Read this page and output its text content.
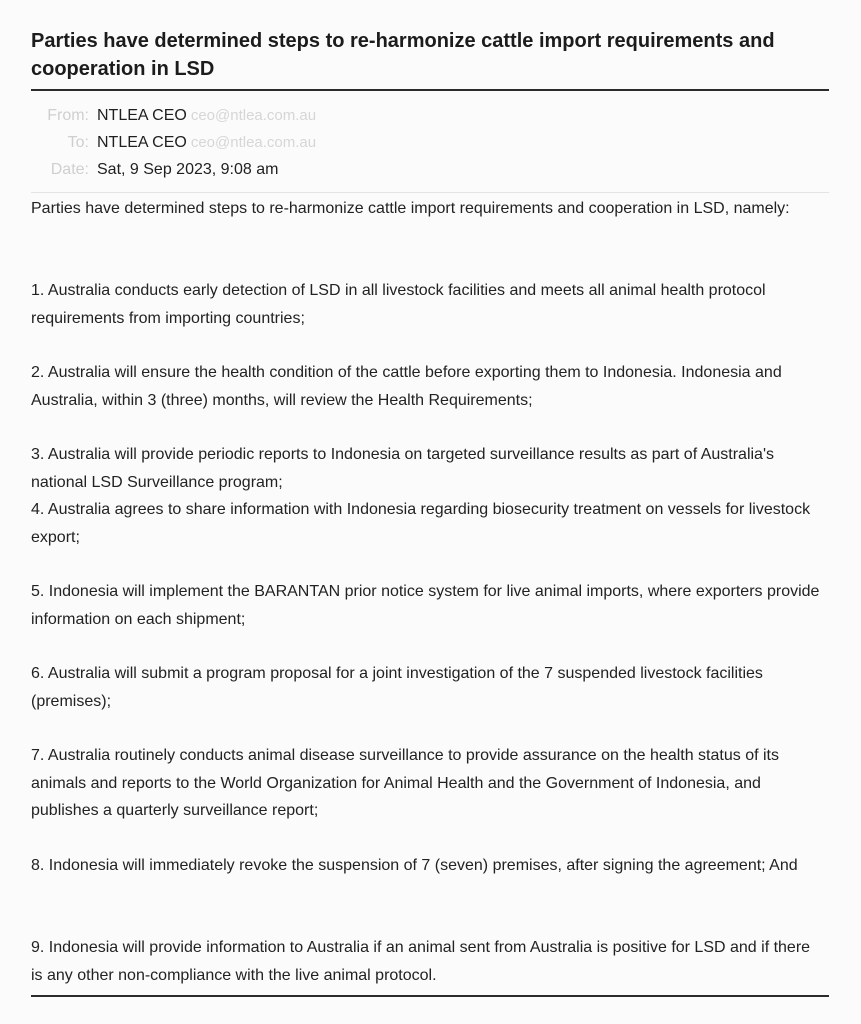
Parties have determined steps to re-harmonize cattle import requirements and cooperation in LSD
From: NTLEA CEO ceo@ntlea.com.au
To: NTLEA CEO ceo@ntlea.com.au
Date: Sat, 9 Sep 2023, 9:08 am

Parties have determined steps to re-harmonize cattle import requirements and cooperation in LSD, namely:

1. Australia conducts early detection of LSD in all livestock facilities and meets all animal health protocol requirements from importing countries;

2. Australia will ensure the health condition of the cattle before exporting them to Indonesia. Indonesia and Australia, within 3 (three) months, will review the Health Requirements;

3. Australia will provide periodic reports to Indonesia on targeted surveillance results as part of Australia's national LSD Surveillance program;

4. Australia agrees to share information with Indonesia regarding biosecurity treatment on vessels for livestock export;

5. Indonesia will implement the BARANTAN prior notice system for live animal imports, where exporters provide information on each shipment;

6. Australia will submit a program proposal for a joint investigation of the 7 suspended livestock facilities (premises);

7. Australia routinely conducts animal disease surveillance to provide assurance on the health status of its animals and reports to the World Organization for Animal Health and the Government of Indonesia, and publishes a quarterly surveillance report;

8. Indonesia will immediately revoke the suspension of 7 (seven) premises, after signing the agreement; And

9. Indonesia will provide information to Australia if an animal sent from Australia is positive for LSD and if there is any other non-compliance with the live animal protocol.
